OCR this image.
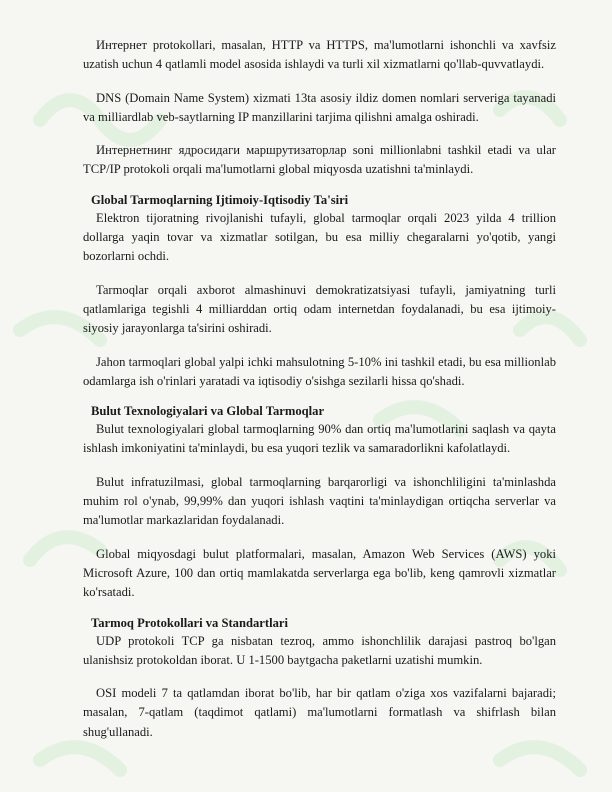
Интернет protokollari, masalan, HTTP va HTTPS, ma'lumotlarni ishonchli va xavfsiz uzatish uchun 4 qatlamli model asosida ishlaydi va turli xil xizmatlarni qo'llab-quvvatlaydi.

DNS (Domain Name System) xizmati 13ta asosiy ildiz domen nomlari serveriga tayanadi va milliardlab veb-saytlarning IP manzillarini tarjima qilishni amalga oshiradi.

Интернетнинг ядросидаги маршрутизаторлар soni millionlabni tashkil etadi va ular TCP/IP protokoli orqali ma'lumotlarni global miqyosda uzatishni ta'minlaydi.

Global Tarmoqlarning Ijtimoiy-Iqtisodiy Ta'siri

Elektron tijoratning rivojlanishi tufayli, global tarmoqlar orqali 2023 yilda 4 trillion dollarga yaqin tovar va xizmatlar sotilgan, bu esa milliy chegaralarni yo'qotib, yangi bozorlarni ochdi.

Tarmoqlar orqali axborot almashinuvi demokratizatsiyasi tufayli, jamiyatning turli qatlamlariga tegishli 4 milliarddan ortiq odam internetdan foydalanadi, bu esa ijtimoiy-siyosiy jarayonlarga ta'sirini oshiradi.

Jahon tarmoqlari global yalpi ichki mahsulotning 5-10% ini tashkil etadi, bu esa millionlab odamlarga ish o'rinlari yaratadi va iqtisodiy o'sishga sezilarli hissa qo'shadi.

Bulut Texnologiyalari va Global Tarmoqlar

Bulut texnologiyalari global tarmoqlarning 90% dan ortiq ma'lumotlarini saqlash va qayta ishlash imkoniyatini ta'minlaydi, bu esa yuqori tezlik va samaradorlikni kafolatlaydi.

Bulut infratuzilmasi, global tarmoqlarning barqarorligi va ishonchliligini ta'minlashda muhim rol o'ynab, 99,99% dan yuqori ishlash vaqtini ta'minlaydigan ortiqcha serverlar va ma'lumotlar markazlaridan foydalanadi.

Global miqyosdagi bulut platformalari, masalan, Amazon Web Services (AWS) yoki Microsoft Azure, 100 dan ortiq mamlakatda serverlarga ega bo'lib, keng qamrovli xizmatlar ko'rsatadi.

Tarmoq Protokollari va Standartlari

UDP protokoli TCP ga nisbatan tezroq, ammo ishonchlilik darajasi pastroq bo'lgan ulanishsiz protokoldan iborat. U 1-1500 baytgacha paketlarni uzatishi mumkin.

OSI modeli 7 ta qatlamdan iborat bo'lib, har bir qatlam o'ziga xos vazifalarni bajaradi; masalan, 7-qatlam (taqdimot qatlami) ma'lumotlarni formatlash va shifrlash bilan shug'ullanadi.
